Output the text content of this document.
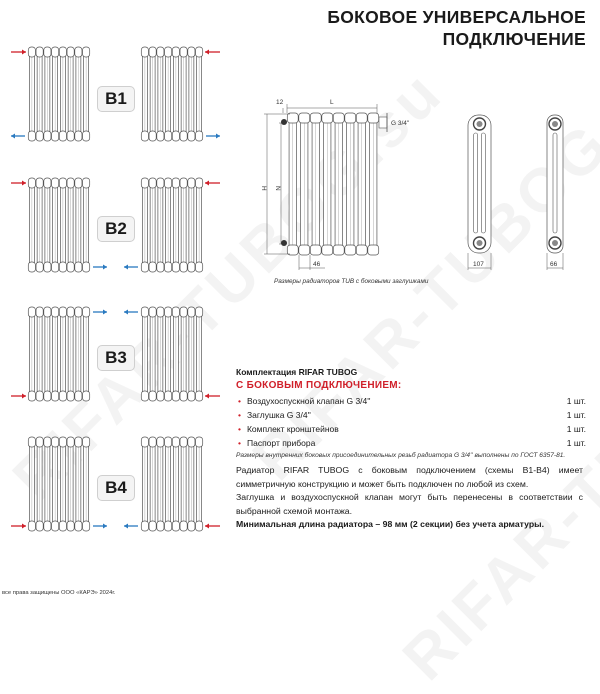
БОКОВОЕ УНИВЕРСАЛЬНОЕ
ПОДКЛЮЧЕНИЕ
B1
B2
B3
B4
12	L
G 3/4''
H N
46	107	66
Размеры радиаторов TUB с боковыми заглушками
Комплектация RIFAR TUBOG
С БОКОВЫМ ПОДКЛЮЧЕНИЕМ:
• Воздухоспускной клапан G 3/4''	1 шт.
• Заглушка G 3/4''	1 шт.
• Комплект кронштейнов	1 шт.
• Паспорт прибора	1 шт.
Размеры внутренних боковых присоединительных резьб радиатора G 3/4'' выполнены по ГОСТ 6357-81.

Радиатор RIFAR TUBOG с боковым подключением (схемы B1-B4) имеет симметричную конструкцию и может быть подключен по любой из схем.

Заглушка и воздухоспускной клапан могут быть перенесены в соответствии с выбранной схемой монтажа.

Минимальная длина радиатора – 98 мм (2 секции) без учета арматуры.

все права защищены ООО «КАРЭ» 2024г.
